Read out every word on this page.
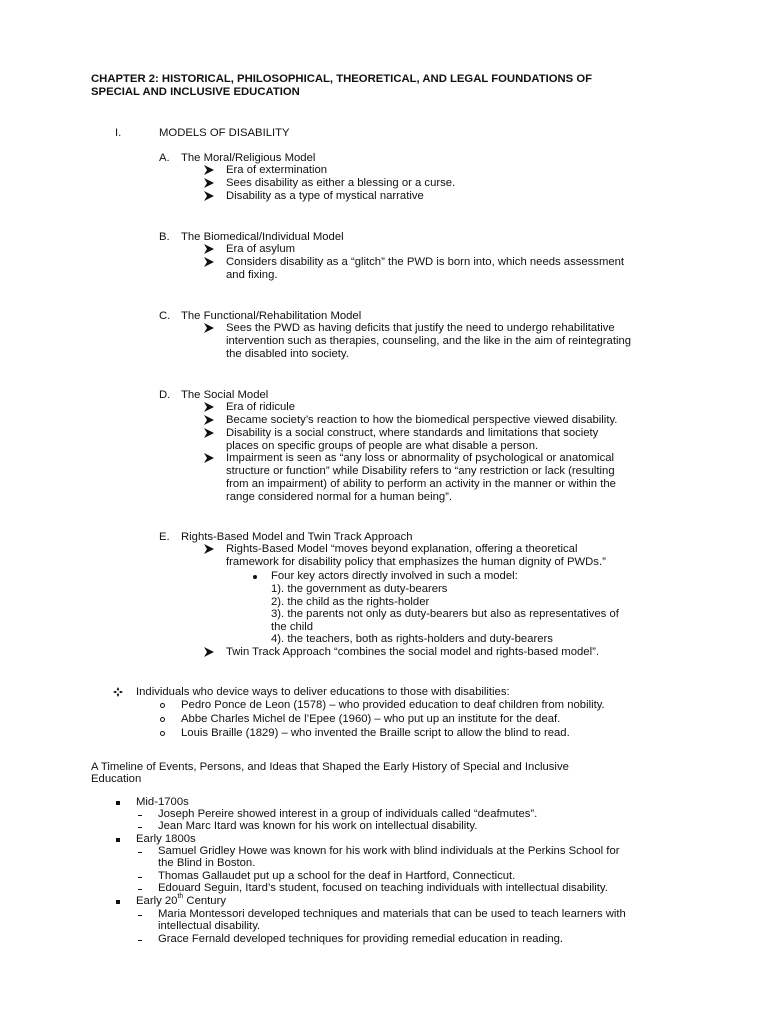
CHAPTER 2: HISTORICAL, PHILOSOPHICAL, THEORETICAL, AND LEGAL FOUNDATIONS OF
SPECIAL AND INCLUSIVE EDUCATION
I.	MODELS OF DISABILITY
A. The Moral/Religious Model
Era of extermination
Sees disability as either a blessing or a curse.
Disability as a type of mystical narrative
B. The Biomedical/Individual Model
Era of asylum
Considers disability as a “glitch” the PWD is born into, which needs assessment
and fixing.
C. The Functional/Rehabilitation Model
Sees the PWD as having deficits that justify the need to undergo rehabilitative
intervention such as therapies, counseling, and the like in the aim of reintegrating
the disabled into society.
D. The Social Model
Era of ridicule
Became society’s reaction to how the biomedical perspective viewed disability.
Disability is a social construct, where standards and limitations that society
places on specific groups of people are what disable a person.
Impairment is seen as “any loss or abnormality of psychological or anatomical
structure or function” while Disability refers to “any restriction or lack (resulting
from an impairment) of ability to perform an activity in the manner or within the
range considered normal for a human being”.
E. Rights-Based Model and Twin Track Approach
Rights-Based Model “moves beyond explanation, offering a theoretical
framework for disability policy that emphasizes the human dignity of PWDs.”
Four key actors directly involved in such a model:
1). the government as duty-bearers
2). the child as the rights-holder
3). the parents not only as duty-bearers but also as representatives of
the child
4). the teachers, both as rights-holders and duty-bearers
Twin Track Approach “combines the social model and rights-based model”.
Individuals who device ways to deliver educations to those with disabilities:
Pedro Ponce de Leon (1578) – who provided education to deaf children from nobility.
Abbe Charles Michel de l’Epee (1960) – who put up an institute for the deaf.
Louis Braille (1829) – who invented the Braille script to allow the blind to read.
A Timeline of Events, Persons, and Ideas that Shaped the Early History of Special and Inclusive
Education
Mid-1700s
Joseph Pereire showed interest in a group of individuals called “deafmutes”.
Jean Marc Itard was known for his work on intellectual disability.
Early 1800s
Samuel Gridley Howe was known for his work with blind individuals at the Perkins School for
the Blind in Boston.
Thomas Gallaudet put up a school for the deaf in Hartford, Connecticut.
Edouard Seguin, Itard’s student, focused on teaching individuals with intellectual disability.
Early 20th Century
Maria Montessori developed techniques and materials that can be used to teach learners with
intellectual disability.
Grace Fernald developed techniques for providing remedial education in reading.
